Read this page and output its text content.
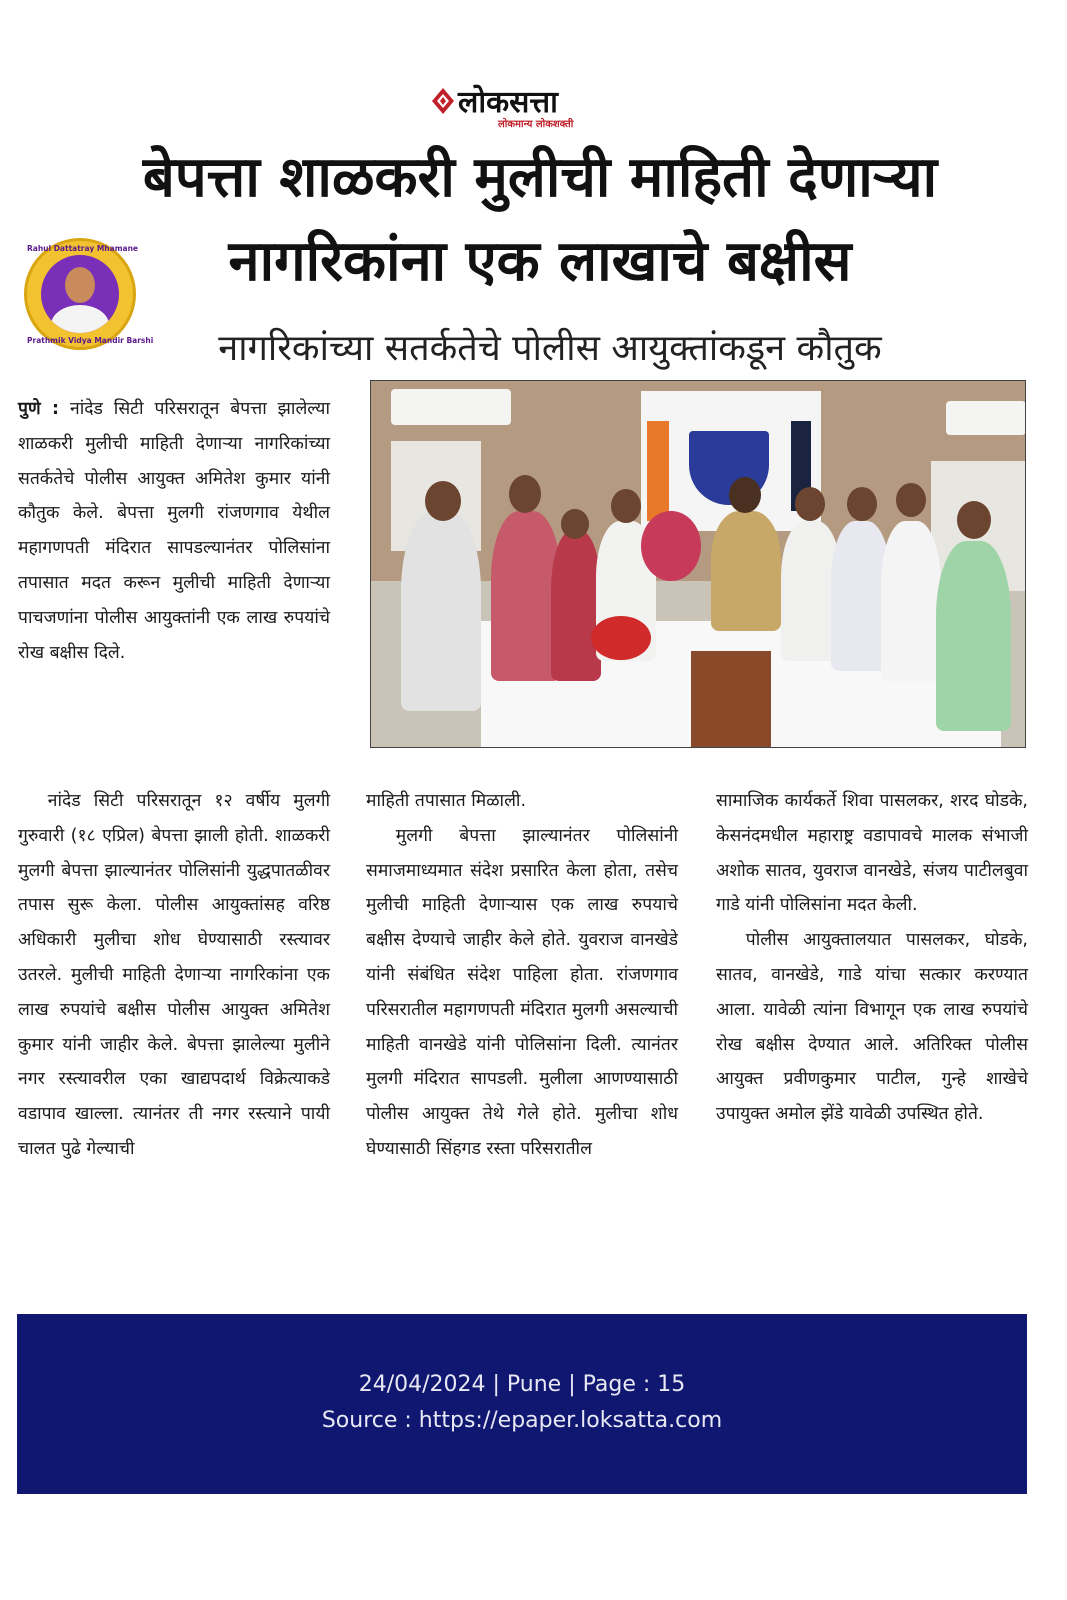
लोकसत्ता
लोकमान्य लोकशक्ती
बेपत्ता शाळकरी मुलीची माहिती देणाऱ्या
नागरिकांना एक लाखाचे बक्षीस
नागरिकांच्या सतर्कतेचे पोलीस आयुक्तांकडून कौतुक
Rahul Dattatray Mhamane
Prathmik Vidya Mandir Barshi

पुणे : नांदेड सिटी परिसरातून बेपत्ता झालेल्या शाळकरी मुलीची माहिती देणाऱ्या नागरिकांच्या सतर्कतेचे पोलीस आयुक्त अमितेश कुमार यांनी कौतुक केले. बेपत्ता मुलगी रांजणगाव येथील महागणपती मंदिरात सापडल्यानंतर पोलिसांना तपासात मदत करून मुलीची माहिती देणाऱ्या पाचजणांना पोलीस आयुक्तांनी एक लाख रुपयांचे रोख बक्षीस दिले.

नांदेड सिटी परिसरातून १२ वर्षीय मुलगी गुरुवारी (१८ एप्रिल) बेपत्ता झाली होती. शाळकरी मुलगी बेपत्ता झाल्यानंतर पोलिसांनी युद्धपातळीवर तपास सुरू केला. पोलीस आयुक्तांसह वरिष्ठ अधिकारी मुलीचा शोध घेण्यासाठी रस्त्यावर उतरले. मुलीची माहिती देणाऱ्या नागरिकांना एक लाख रुपयांचे बक्षीस पोलीस आयुक्त अमितेश कुमार यांनी जाहीर केले. बेपत्ता झालेल्या मुलीने नगर रस्त्यावरील एका खाद्यपदार्थ विक्रेत्याकडे वडापाव खाल्ला. त्यानंतर ती नगर रस्त्याने पायी चालत पुढे गेल्याची

माहिती तपासात मिळाली.

मुलगी बेपत्ता झाल्यानंतर पोलिसांनी समाजमाध्यमात संदेश प्रसारित केला होता, तसेच मुलीची माहिती देणाऱ्यास एक लाख रुपयाचे बक्षीस देण्याचे जाहीर केले होते. युवराज वानखेडे यांनी संबंधित संदेश पाहिला होता. रांजणगाव परिसरातील महागणपती मंदिरात मुलगी असल्याची माहिती वानखेडे यांनी पोलिसांना दिली. त्यानंतर मुलगी मंदिरात सापडली. मुलीला आणण्यासाठी पोलीस आयुक्त तेथे गेले होते. मुलीचा शोध घेण्यासाठी सिंहगड रस्ता परिसरातील

सामाजिक कार्यकर्ते शिवा पासलकर, शरद घोडके, केसनंदमधील महाराष्ट्र वडापावचे मालक संभाजी अशोक सातव, युवराज वानखेडे, संजय पाटीलबुवा गाडे यांनी पोलिसांना मदत केली.

पोलीस आयुक्तालयात पासलकर, घोडके, सातव, वानखेडे, गाडे यांचा सत्कार करण्यात आला. यावेळी त्यांना विभागून एक लाख रुपयांचे रोख बक्षीस देण्यात आले. अतिरिक्त पोलीस आयुक्त प्रवीणकुमार पाटील, गुन्हे शाखेचे उपायुक्त अमोल झेंडे यावेळी उपस्थित होते.

24/04/2024 | Pune | Page : 15
Source : https://epaper.loksatta.com
